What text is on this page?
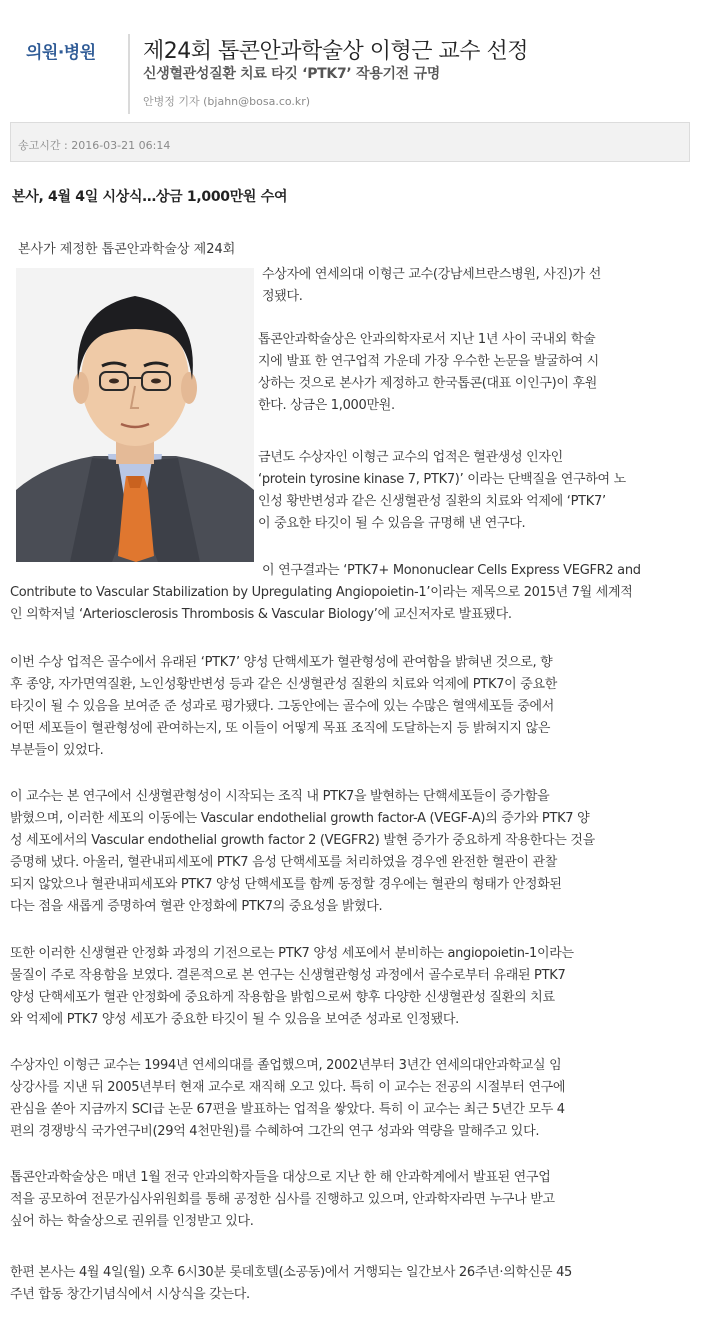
의원·병원 제24회 톱콘안과학술상 이형근 교수 선정
신생혈관성질환 치료 타깃 ‘PTK7’ 작용기전 규명
안병정 기자 (bjahn@bosa.co.kr)
송고시간 : 2016-03-21 06:14
본사, 4월 4일 시상식…상금 1,000만원 수여
본사가 제정한 톱콘안과학술상 제24회
수상자에 연세의대 이형근 교수(강남세브란스병원, 사진)가 선
정됐다.
톱콘안과학술상은 안과의학자로서 지난 1년 사이 국내외 학술
지에 발표 한 연구업적 가운데 가장 우수한 논문을 발굴하여 시
상하는 것으로 본사가 제정하고 한국톱콘(대표 이인구)이 후원
한다. 상금은 1,000만원.
금년도 수상자인 이형근 교수의 업적은 혈관생성 인자인
‘protein tyrosine kinase 7, PTK7)’ 이라는 단백질을 연구하여 노
인성 황반변성과 같은 신생혈관성 질환의 치료와 억제에 ‘PTK7’
이 중요한 타깃이 될 수 있음을 규명해 낸 연구다.
이 연구결과는 ‘PTK7+ Mononuclear Cells Express VEGFR2 and
Contribute to Vascular Stabilization by Upregulating Angiopoietin-1’이라는 제목으로 2015년 7월 세계적
인 의학저널 ‘Arteriosclerosis Thrombosis & Vascular Biology’에 교신저자로 발표됐다.
이번 수상 업적은 골수에서 유래된 ‘PTK7’ 양성 단핵세포가 혈관형성에 관여함을 밝혀낸 것으로, 향
후 종양, 자가면역질환, 노인성황반변성 등과 같은 신생혈관성 질환의 치료와 억제에 PTK7이 중요한
타깃이 될 수 있음을 보여준 준 성과로 평가됐다. 그동안에는 골수에 있는 수많은 혈액세포들 중에서
어떤 세포들이 혈관형성에 관여하는지, 또 이들이 어떻게 목표 조직에 도달하는지 등 밝혀지지 않은
부분들이 있었다.
이 교수는 본 연구에서 신생혈관형성이 시작되는 조직 내 PTK7을 발현하는 단핵세포들이 증가함을
밝혔으며, 이러한 세포의 이동에는 Vascular endothelial growth factor-A (VEGF-A)의 증가와 PTK7 양
성 세포에서의 Vascular endothelial growth factor 2 (VEGFR2) 발현 증가가 중요하게 작용한다는 것을
증명해 냈다. 아울러, 혈관내피세포에 PTK7 음성 단핵세포를 처리하였을 경우엔 완전한 혈관이 관찰
되지 않았으나 혈관내피세포와 PTK7 양성 단핵세포를 함께 동정할 경우에는 혈관의 형태가 안정화된
다는 점을 새롭게 증명하여 혈관 안정화에 PTK7의 중요성을 밝혔다.
또한 이러한 신생혈관 안정화 과정의 기전으로는 PTK7 양성 세포에서 분비하는 angiopoietin-1이라는
물질이 주로 작용함을 보였다. 결론적으로 본 연구는 신생혈관형성 과정에서 골수로부터 유래된 PTK7
양성 단핵세포가 혈관 안정화에 중요하게 작용함을 밝힘으로써 향후 다양한 신생혈관성 질환의 치료
와 억제에 PTK7 양성 세포가 중요한 타깃이 될 수 있음을 보여준 성과로 인정됐다.
수상자인 이형근 교수는 1994년 연세의대를 졸업했으며, 2002년부터 3년간 연세의대안과학교실 임
상강사를 지낸 뒤 2005년부터 현재 교수로 재직해 오고 있다. 특히 이 교수는 전공의 시절부터 연구에
관심을 쏟아 지금까지 SCI급 논문 67편을 발표하는 업적을 쌓았다. 특히 이 교수는 최근 5년간 모두 4
편의 경쟁방식 국가연구비(29억 4천만원)를 수혜하여 그간의 연구 성과와 역량을 말해주고 있다.
톱콘안과학술상은 매년 1월 전국 안과의학자들을 대상으로 지난 한 해 안과학계에서 발표된 연구업
적을 공모하여 전문가심사위원회를 통해 공정한 심사를 진행하고 있으며, 안과학자라면 누구나 받고
싶어 하는 학술상으로 권위를 인정받고 있다.
한편 본사는 4월 4일(월) 오후 6시30분 롯데호텔(소공동)에서 거행되는 일간보사 26주년·의학신문 45
주년 합동 창간기념식에서 시상식을 갖는다.
